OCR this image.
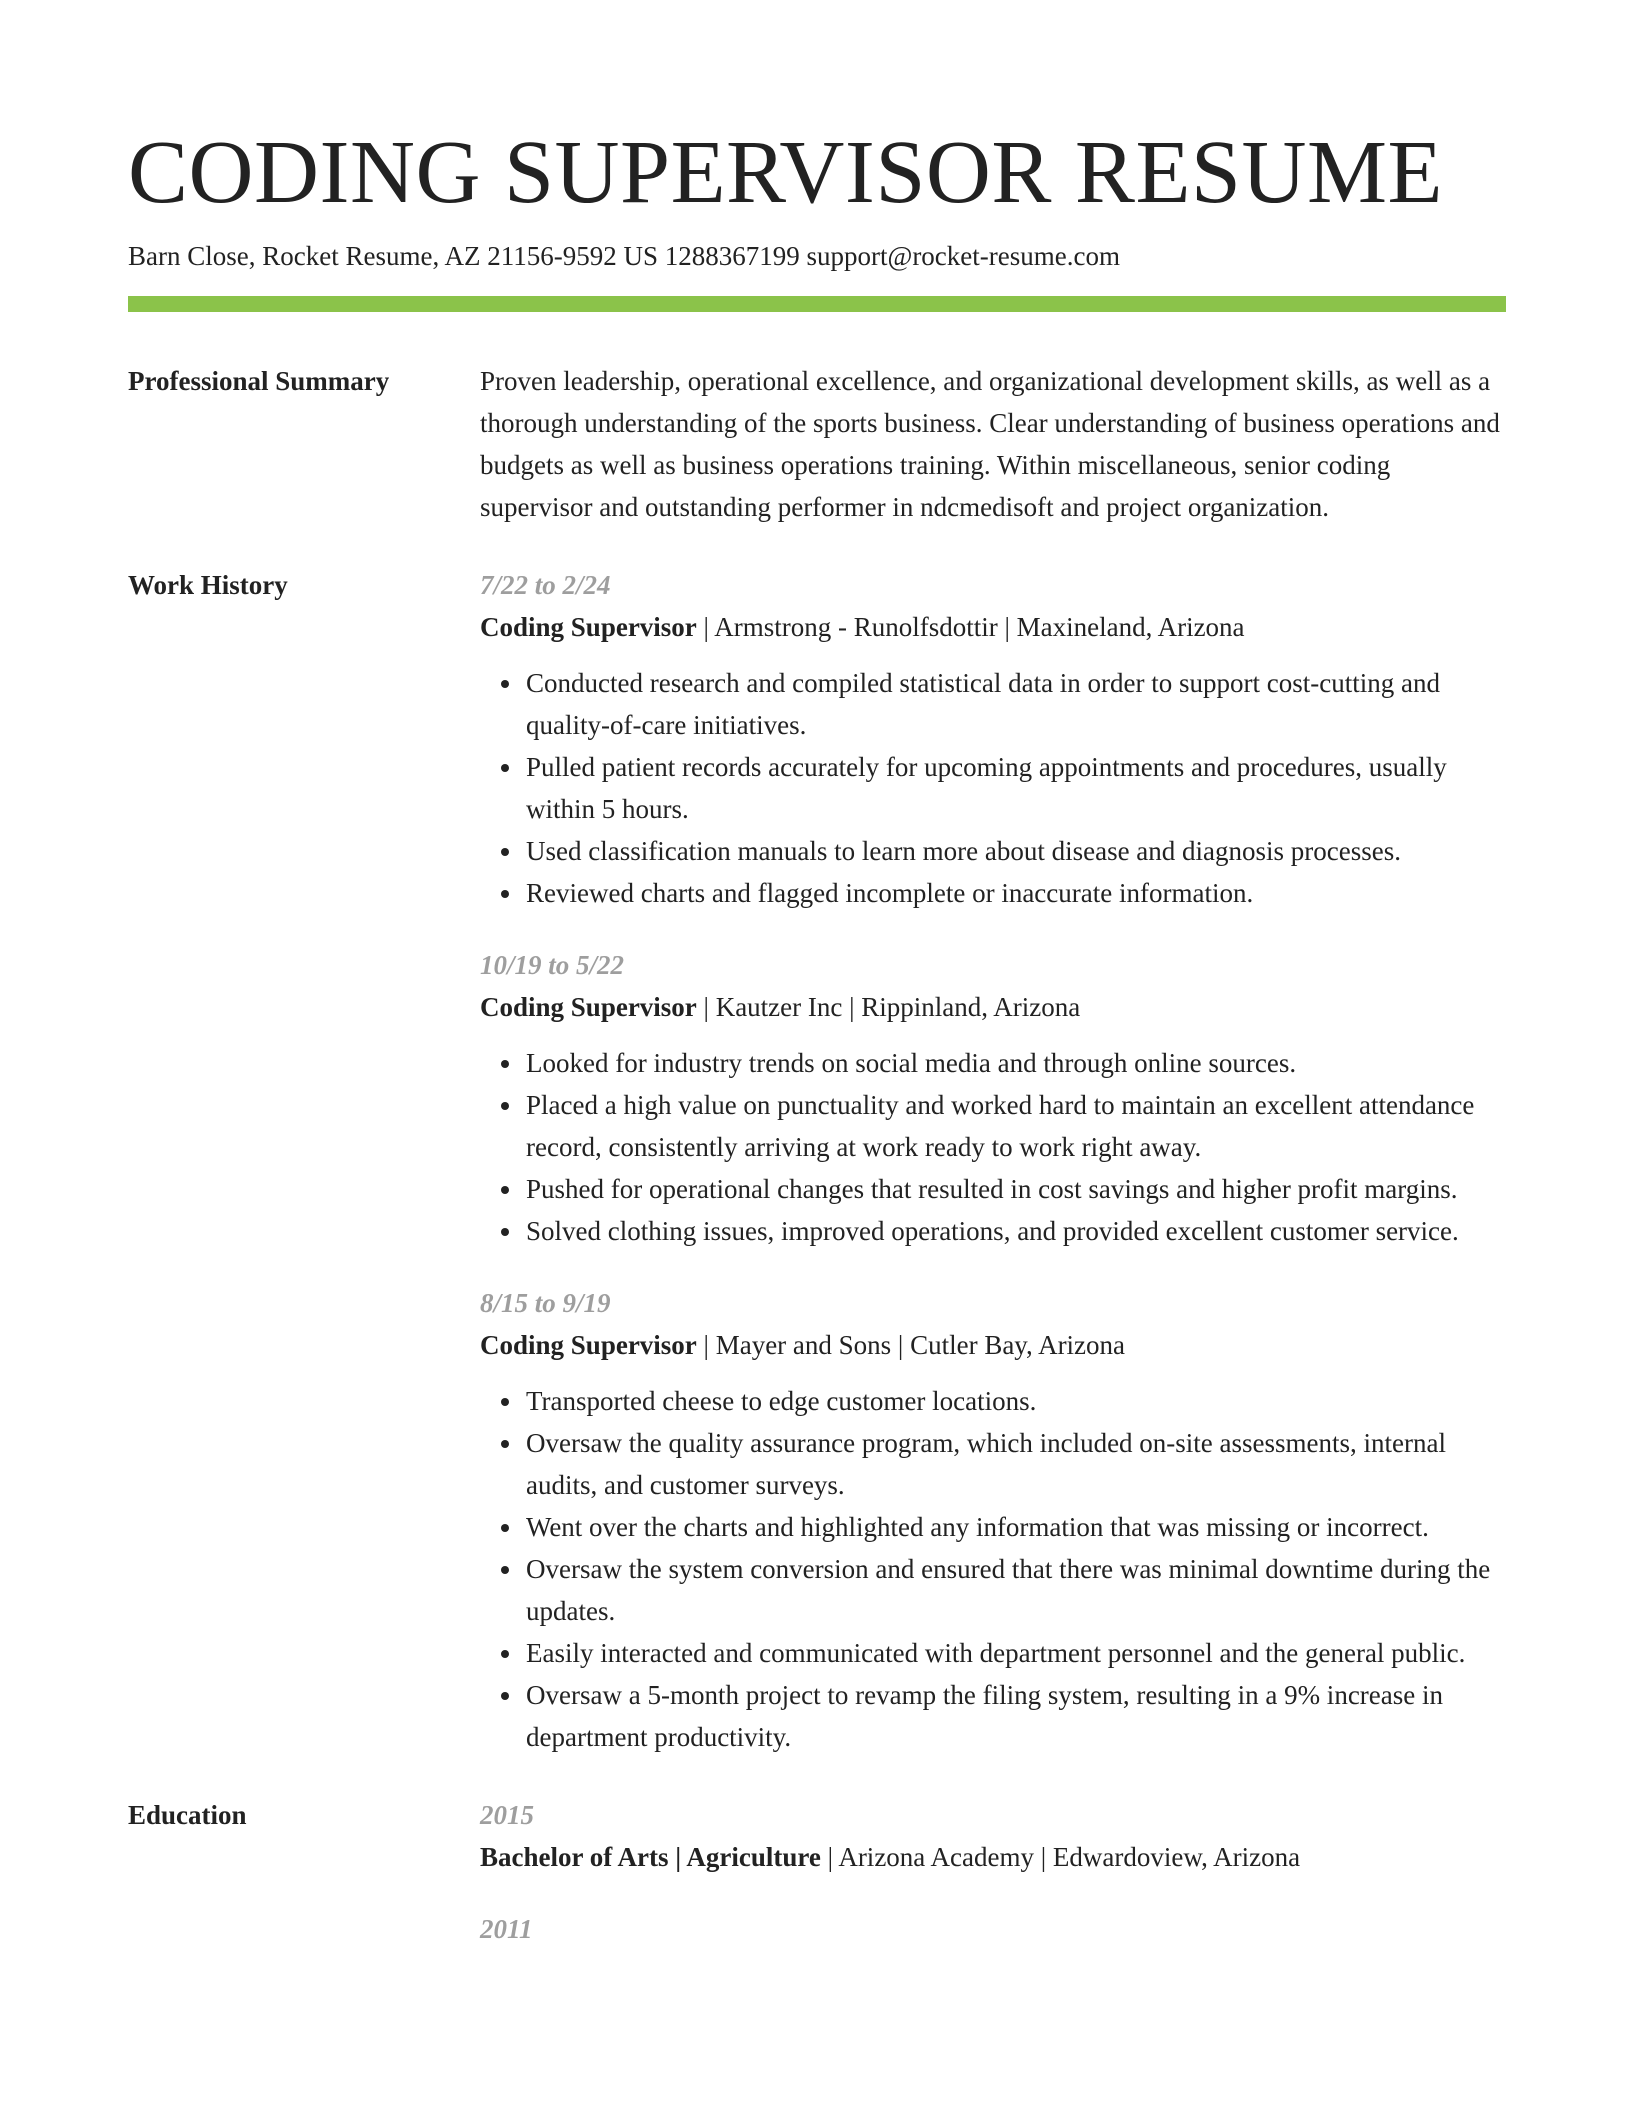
CODING SUPERVISOR RESUME
Barn Close, Rocket Resume, AZ 21156-9592 US 1288367199 support@rocket-resume.com
Professional Summary	Proven leadership, operational excellence, and organizational development skills, as well as a thorough understanding of the sports business. Clear understanding of business operations and budgets as well as business operations training. Within miscellaneous, senior coding supervisor and outstanding performer in ndcmedisoft and project organization.

Work History	7/22 to 2/24
Coding Supervisor | Armstrong - Runolfsdottir | Maxineland, Arizona
• Conducted research and compiled statistical data in order to support cost-cutting and quality-of-care initiatives.
• Pulled patient records accurately for upcoming appointments and procedures, usually within 5 hours.
• Used classification manuals to learn more about disease and diagnosis processes.
• Reviewed charts and flagged incomplete or inaccurate information.
10/19 to 5/22
Coding Supervisor | Kautzer Inc | Rippinland, Arizona
• Looked for industry trends on social media and through online sources.
• Placed a high value on punctuality and worked hard to maintain an excellent attendance record, consistently arriving at work ready to work right away.
• Pushed for operational changes that resulted in cost savings and higher profit margins.
• Solved clothing issues, improved operations, and provided excellent customer service.
8/15 to 9/19
Coding Supervisor | Mayer and Sons | Cutler Bay, Arizona
• Transported cheese to edge customer locations.
• Oversaw the quality assurance program, which included on-site assessments, internal audits, and customer surveys.
• Went over the charts and highlighted any information that was missing or incorrect.
• Oversaw the system conversion and ensured that there was minimal downtime during the updates.
• Easily interacted and communicated with department personnel and the general public.
• Oversaw a 5-month project to revamp the filing system, resulting in a 9% increase in department productivity.
Education	2015
Bachelor of Arts | Agriculture | Arizona Academy | Edwardoview, Arizona
2011
